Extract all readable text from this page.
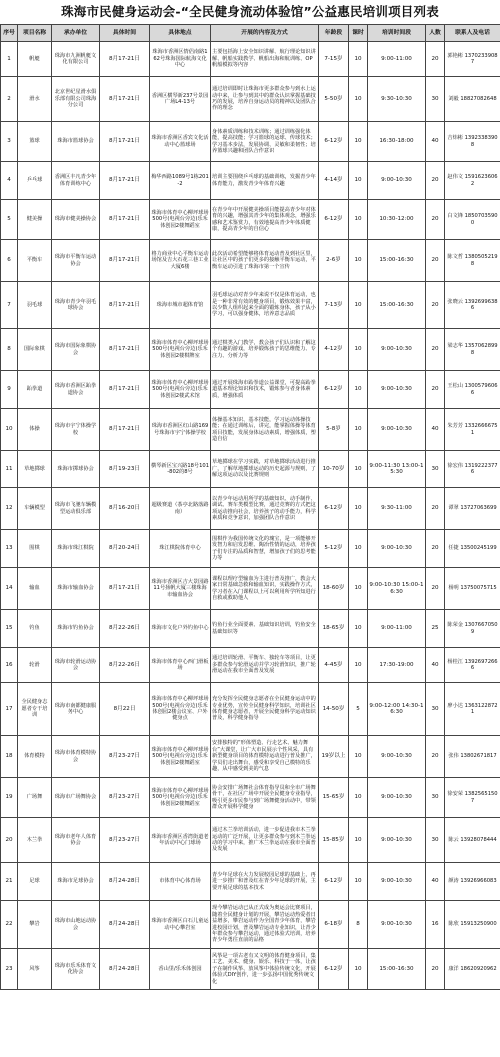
珠海市民健身运动会-“全民健身流动体验馆”公益惠民培训项目列表
序号	项目名称	承办单位	具体时间	具体地点	开展的内容及方式	年龄段	课时	培训时间段	人数	联系人及电话
1	帆艇	珠海市九洲帆艇文化有限公司	8月17-21日	珠海市香洲区情侣南路162号珠海国际航海文化中心	主要包括海上安全知识讲解、航行理论知识讲解、帆船实践教学、帆船出海和航训练、OP帆船模拟等内容	7-15岁	10	9:00-11:00	20	郭艳彬 13702339087
2	滑水	北京世纪星滑水俱乐部有限公司珠海分公司	8月17-21日	香洲区横琴新237号景园广场L4-13号	通过培训即时让珠海市更多群众参与到水上运动中来，让参与到其中的群众认识掌握基础技巧的发展，培养自身运动员的精神以及团队合作的理念	5-50岁	10	9:30-10:30	30	刘毅 18827082648
3	篮球	珠海市篮球协会	8月17-21日	珠海市香洲区香宾文化活动中心篮球场	身体素质训练和技术训练；通过训练强化体能，提高技能；学习篮球的运球、传球技术；学习基本步法，发展协调、灵敏和柔韧性；培养篮球兴趣和团队合作意识	6-12岁	10	16:30-18:00	40	吉炜彬 13923383908
4	乒乓球	香洲区丰凡青少年体育训练中心	8月17-21日	梅华西路1089号1栋201-2	培训主要围绕乒乓球的基础训练，发掘青少年体育能力，激发青少年体育兴趣	4-14岁	10	9:00-10:30	20	赵伟文 15916236062
5	健美操	珠海市健美操协会	8月17-21日	珠海市体育中心柳坪球场500号(电视台旁边)乐禾体创园2楼舞蹈室	在青少年中开展健美操项目能提高青少年对体育的兴趣，增强其青少年的集体观念，增强乐感和艺术鉴赏力，有效地提高青少年体质健康，提高青少年的自信心	6-12岁	10	10:30-12:00	20	白文锋 18507035900
6	平衡车	珠海市平衡车运动协会	8月17-21日	格力商业中心平衡车运动场馆及吉大石花三巷工业大厦6楼	此次活动希望能够将体育运动普及到社区里，让社区中的孩子们更多的接触平衡车运动，平衡车运动引进了珠海市第一个宣传	2-6岁	10	15:00-16:30	20	陈文哲 13805052198
7	羽毛球	珠海市青少年羽毛球协会	8月17-21日	珠海市城市超体育馆	羽毛球运动对青少年来说不仅是体育运动，也是一种非常有效的健身项目，锻炼效果丰富，以少数人组织起来全面的锻炼身体，孩子从小学习，可以强身健体，培养意志品质	7-13岁	10	15:00-16:30	20	张晓云 13926996386
8	国际象棋	珠海市国际象棋协会	8月17-21日	珠海市体育中心柳坪球场500号(电视台旁边)乐禾体创园2楼棋牌室	通过棋类入门教学，教会孩子们认识和了解这个有趣的游戏，培养锻炼孩子的思维能力、专注力、分析力等	4-12岁	10	9:00-10:30	20	梁志华 13570628998
9	跆拳道	珠海市香洲区跆拳道协会	8月17-21日	珠海市体育中心柳坪球场500号(电视台旁边)乐禾体创园2楼武术馆	通过开展珠海市跆拳道公益课堂，可提高跆拳道基本理论知识和技术，锻炼参与者身体素质，增强体质	6-12岁	10	9:00-10:30	20	王松山 13005796066
10	体操	珠海市宇宁体操学校	8月17-21日	珠海市香洲区红山路169号珠海市宇宁体操学校	体操基本知识、基本技能，学习运动体操技能；在通过训练后，讲完，能掌握体操等体育项目技能，发展身体运动素质，增强体质，塑造自信	5-8岁	10	9:00-10:30	40	朱芳芳 13326666751
11	草地掷球	珠海市掷球协会	8月19-23日	横琴新区宝兴路18号101-802的8号	草地掷球在学习实践，对草地掷球活动进行推广，了解草地掷球运动的历史起源与规则，了解这项运动以及比赛规则	10-70岁	10	9:00-11:30 13:00-15:30	30	徐宏伟 13192223776
12	车辆模型	珠海市飞驰车辆模型运动俱乐部	8月16-20日	超级赛道（茶亭北路落路南）	以青少年运动用所学的基础知识、动手制作、调试、赛车类模型比赛，通过竞赛的方式把这项运动推向社会，培养孩子的动手能力，科学素质和竞争意识，加强团队合作意识	6-12岁	10	9:30-11:00	20	谭翠 13727063699
13	围棋	珠海市珠江棋院	8月20-24日	珠江棋院体育中心	围棋作为我国传统文化的瑰宝，是一项能够开发智力和启发思维、陶冶性情的运动，培养孩子们专注的品质和智慧，增加孩子们的思考能力等	5-12岁	10	9:00-10:30	20	任捷 13500245199
14	输血	珠海市输血协会	8月17-21日	珠海市香洲区吉大景园路11号扬帆大厦三楼珠海市输血协会	课程以理疗型输血为主进行普及推广，教会大家日常基础急救和输血知识，实践操作方式，学习者在入门课程以上可以利用所学所知进行自救或救助他人	18-60岁	10	9:00-10:30 15:00-16:30	20	杨明 13750075715
15	钓鱼	珠海市钓鱼协会	8月22-26日	珠海市文化户外钓鱼中心	钓鱼行业全面要素、基础知识培训，钓鱼安全基础知识等	18-65岁	10	9:00-11:00	25	陈荣金 13076670509
16	轮滑	珠海市轮滑运动协会	8月22-26日	珠海市体育中心西门滑板场	通过培训轮滑、平衡车、独轮车等项目，让更多群众参与轮滑运动并学习轮滑知识，推广轮滑运动在我市全面普及发展	4-45岁	10	17:30-19:00	40	杨桂江 13926972666
17	全民健身志愿者专干培训	珠海市南都健康服务中心	8月22日	珠海市体育中心柳坪球场500号(电视台旁边)乐禾体创园2楼会议室、户外健身点	充分发挥全民健身志愿者在全民健身运动中的专业优势，宣传全民健身科学知识，培训社区体育健身志愿者，开展全民健身科学运动知识普及，科学健身指导	14-50岁	5	9:00-12:00 14:30-16:30	30	廖小达 13631228721
18	体育模特	珠海市体育模特协会	8月23-27日	珠海市体育中心柳坪球场500号(电视台旁边)乐禾体创园2楼舞蹈室	安排独特的“形体塑造、行走艺术、魅力舞台”大课堂，让广大市民展示个性风采，具有新型健身项目的体育模特运动进行普及推广，学员们走出舞台，感受和享受自己模特的乐趣，从中感受到美的气息	19岁以上	10	9:00-10:30	20	张伟 13802671817
19	广场舞	珠海市广场舞协会	8月23-27日	珠海市体育中心柳坪球场500号(电视台旁边)乐禾体创园2楼舞蹈室	协会安排广场舞社会体育指导员和全市广场舞骨干，在社区广场中开展全民健身专业指导，吸引更多市民参与到广场舞健身活动中，带领群众开展科学健身	15-65岁	10	9:00-10:30	30	徐安荣 13825651507
20	木兰拳	珠海市老年人体育协会	8月23-27日	珠海市香洲区香湾街道老年活动中心门球场	通过木兰拳培训活动，进一步促进我市木兰拳运动的广泛开展，让更多群众参与到木兰拳运动的学习中来，推广木兰拳运动在我市全面普及发展	15-85岁	10	9:00-10:30	30	陈云 13928078444
21	足球	珠海市足球协会	8月24-28日	市体育中心体育场	青少年足球在大力发展校园足球的基础上，再进一步推广和普及红在青少年足球的开展，主要开展足球的基本技术	6-12岁	10	9:00-10:30	40	颜涛 13926966083
22	攀岩	珠海市山地运动协会	8月24-28日	珠海市香洲区白石儿童运动中心攀岩室	现今攀岩运动已从正式成为奥运会比赛项目，随着全民健身计划的开展，攀岩运动热爱者日益增多，攀岩运动作为全国青少年体育，攀岩进校园计划，普及攀岩运动专业知识，让青少年群众参与攀岩运动，通过体验式培训，培养青少年勇往直前的品格	6-18岁	8	9:00-10:30	16	陈欣 15913250900
23	风筝	珠海市乐禾体育文化协会	8月24-28日	香山里/乐禾体创园	风筝是一项古老有又文明的体育健身项目，集工艺、美术、健身、娱乐、科技于一体，让孩子在制作风筝、放风筝中体验传统文化，开展体验式DIY创作，进一步弘扬中国优秀传统文化	6-12岁	10	15:00-16:30	20	康洋 18620920962
